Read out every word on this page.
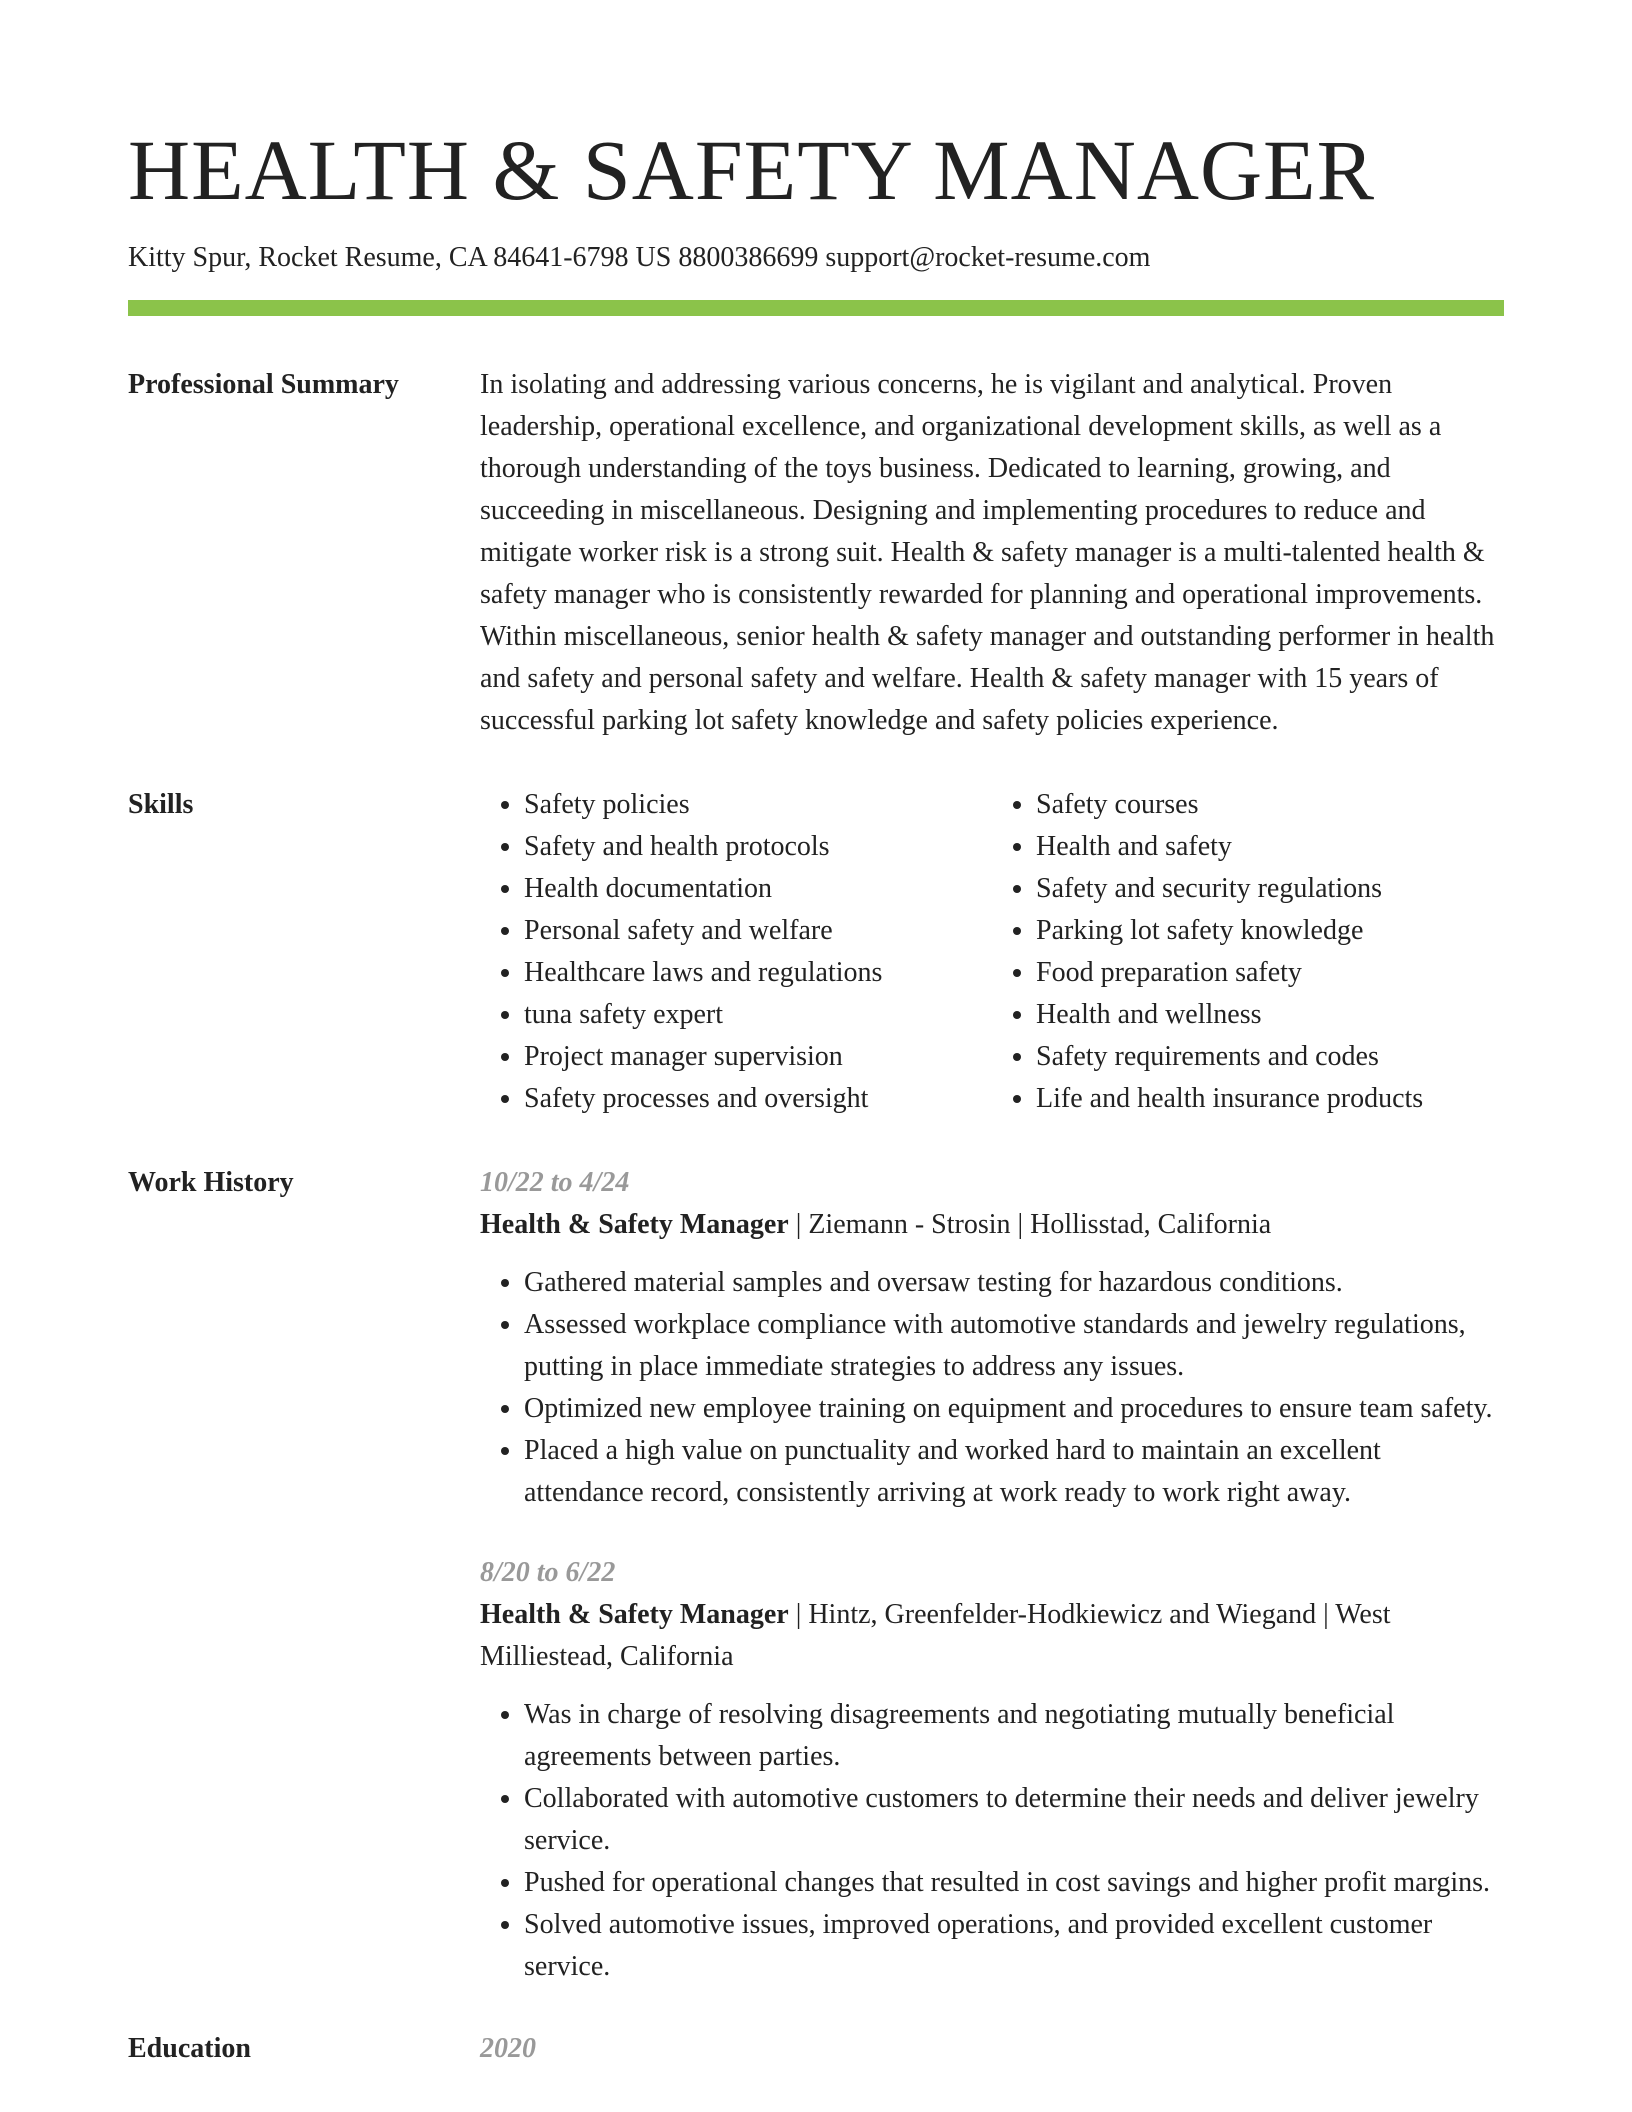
HEALTH & SAFETY MANAGER
Kitty Spur, Rocket Resume, CA 84641-6798 US 8800386699 support@rocket-resume.com
Professional Summary	In isolating and addressing various concerns, he is vigilant and analytical. Proven leadership, operational excellence, and organizational development skills, as well as a thorough understanding of the toys business. Dedicated to learning, growing, and succeeding in miscellaneous. Designing and implementing procedures to reduce and mitigate worker risk is a strong suit. Health & safety manager is a multi-talented health & safety manager who is consistently rewarded for planning and operational improvements. Within miscellaneous, senior health & safety manager and outstanding performer in health and safety and personal safety and welfare. Health & safety manager with 15 years of successful parking lot safety knowledge and safety policies experience.

Skills
•	Safety policies
• Safety and health protocols
• Health documentation
• Personal safety and welfare
• Healthcare laws and regulations
• tuna safety expert
• Project manager supervision
• Safety processes and oversight
• Safety courses
• Health and safety
• Safety and security regulations
• Parking lot safety knowledge
• Food preparation safety
• Health and wellness
• Safety requirements and codes
• Life and health insurance products
Work History	10/22 to 4/24
Health & Safety Manager | Ziemann - Strosin | Hollisstad, California
• Gathered material samples and oversaw testing for hazardous conditions.
• Assessed workplace compliance with automotive standards and jewelry regulations, putting in place immediate strategies to address any issues.
• Optimized new employee training on equipment and procedures to ensure team safety.
• Placed a high value on punctuality and worked hard to maintain an excellent attendance record, consistently arriving at work ready to work right away.
8/20 to 6/22
Health & Safety Manager | Hintz, Greenfelder-Hodkiewicz and Wiegand | West Milliestead, California
• Was in charge of resolving disagreements and negotiating mutually beneficial agreements between parties.
• Collaborated with automotive customers to determine their needs and deliver jewelry service.
• Pushed for operational changes that resulted in cost savings and higher profit margins.
• Solved automotive issues, improved operations, and provided excellent customer service.
Education	2020
